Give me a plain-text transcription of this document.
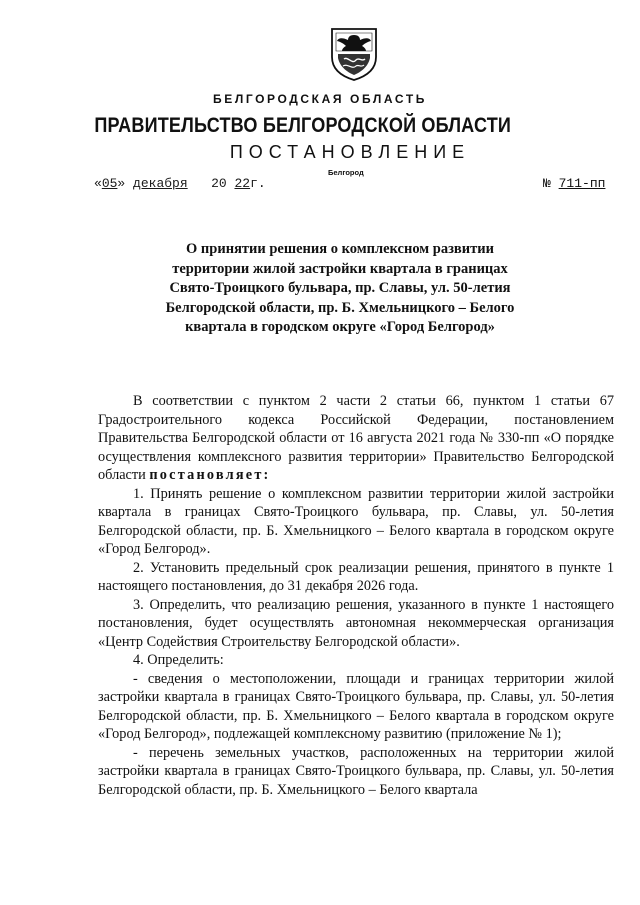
БЕЛГОРОДСКАЯ ОБЛАСТЬ
ПРАВИТЕЛЬСТВО БЕЛГОРОДСКОЙ ОБЛАСТИ
ПОСТАНОВЛЕНИЕ
Белгород
«05» декабря 20 22г.	№ 711-пп
О принятии решения о комплексном развитии территории жилой застройки квартала в границах Свято-Троицкого бульвара, пр. Славы, ул. 50-летия Белгородской области, пр. Б. Хмельницкого – Белого квартала в городском округе «Город Белгород»

В соответствии с пунктом 2 части 2 статьи 66, пунктом 1 статьи 67 Градостроительного кодекса Российской Федерации, постановлением Правительства Белгородской области от 16 августа 2021 года № 330-пп «О порядке осуществления комплексного развития территории» Правительство Белгородской области постановляет:

1. Принять решение о комплексном развитии территории жилой застройки квартала в границах Свято-Троицкого бульвара, пр. Славы, ул. 50-летия Белгородской области, пр. Б. Хмельницкого – Белого квартала в городском округе «Город Белгород».

2. Установить предельный срок реализации решения, принятого в пункте 1 настоящего постановления, до 31 декабря 2026 года.

3. Определить, что реализацию решения, указанного в пункте 1 настоящего постановления, будет осуществлять автономная некоммерческая организация «Центр Содействия Строительству Белгородской области».

4. Определить:

- сведения о местоположении, площади и границах территории жилой застройки квартала в границах Свято-Троицкого бульвара, пр. Славы, ул. 50-летия Белгородской области, пр. Б. Хмельницкого – Белого квартала в городском округе «Город Белгород», подлежащей комплексному развитию (приложение № 1);

- перечень земельных участков, расположенных на территории жилой застройки квартала в границах Свято-Троицкого бульвара, пр. Славы, ул. 50-летия Белгородской области, пр. Б. Хмельницкого – Белого квартала
